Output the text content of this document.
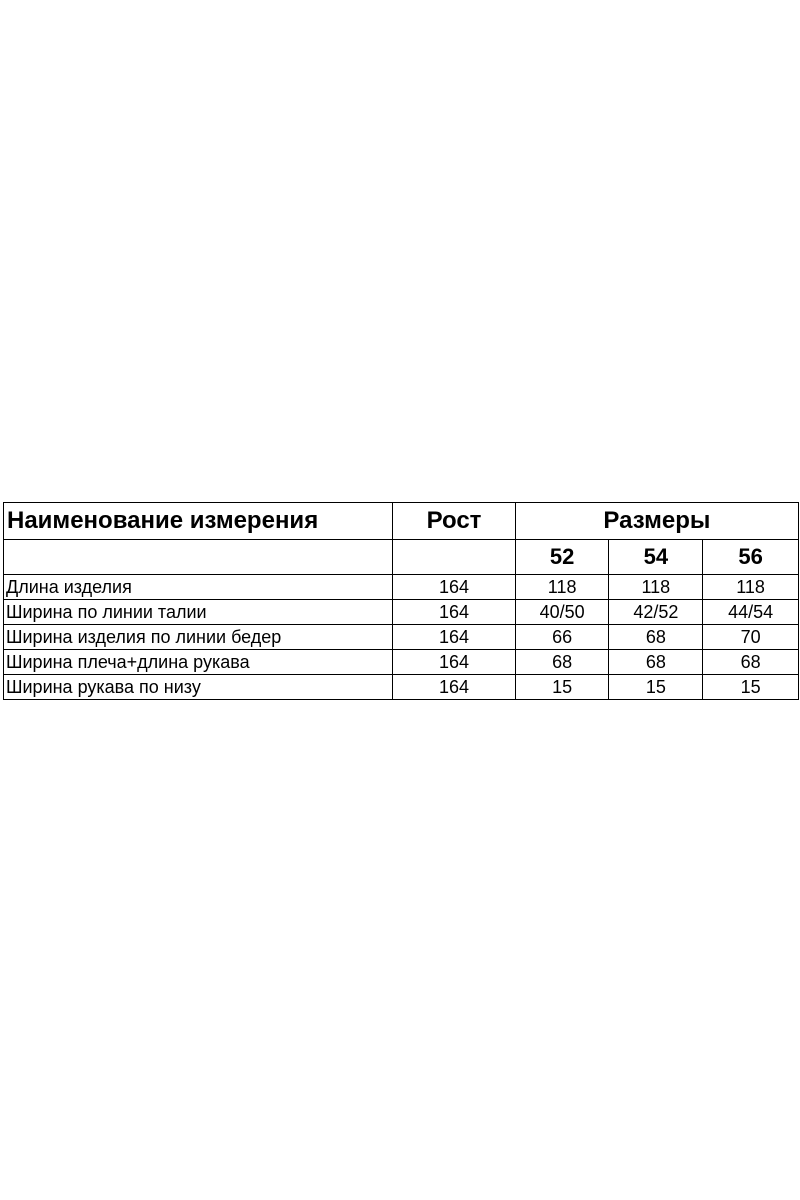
Наименование измерения	Рост	Размеры		
		52	54	56
Длина изделия	164	118	118	118
Ширина по линии талии	164	40/50	42/52	44/54
Ширина изделия по линии бедер	164	66	68	70
Ширина плеча+длина рукава	164	68	68	68
Ширина рукава по низу	164	15	15	15
